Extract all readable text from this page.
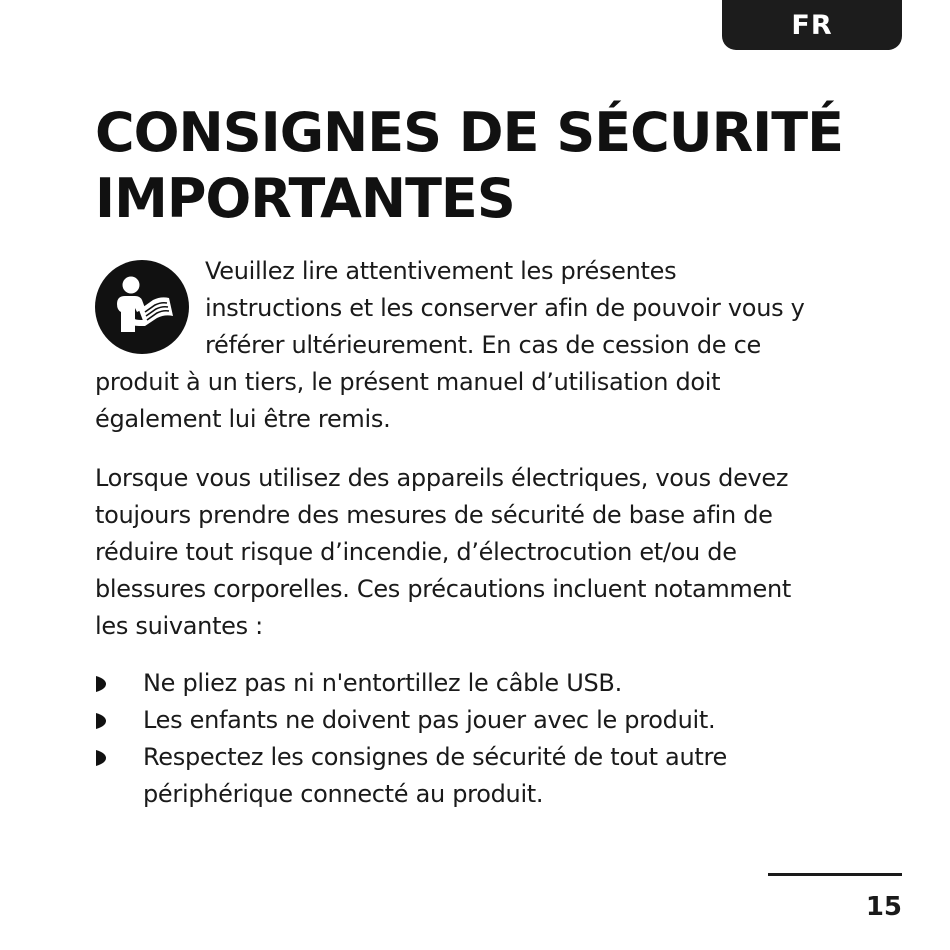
FR
CONSIGNES DE SÉCURITÉ
IMPORTANTES
Veuillez lire attentivement les présentes
instructions et les conserver afin de pouvoir vous y
référer ultérieurement. En cas de cession de ce
produit à un tiers, le présent manuel d’utilisation doit
également lui être remis.

Lorsque vous utilisez des appareils électriques, vous devez
toujours prendre des mesures de sécurité de base afin de
réduire tout risque d’incendie, d’électrocution et/ou de
blessures corporelles. Ces précautions incluent notamment
les suivantes :

Ne pliez pas ni n'entortillez le câble USB.
Les enfants ne doivent pas jouer avec le produit.
Respectez les consignes de sécurité de tout autre
périphérique connecté au produit.
15
